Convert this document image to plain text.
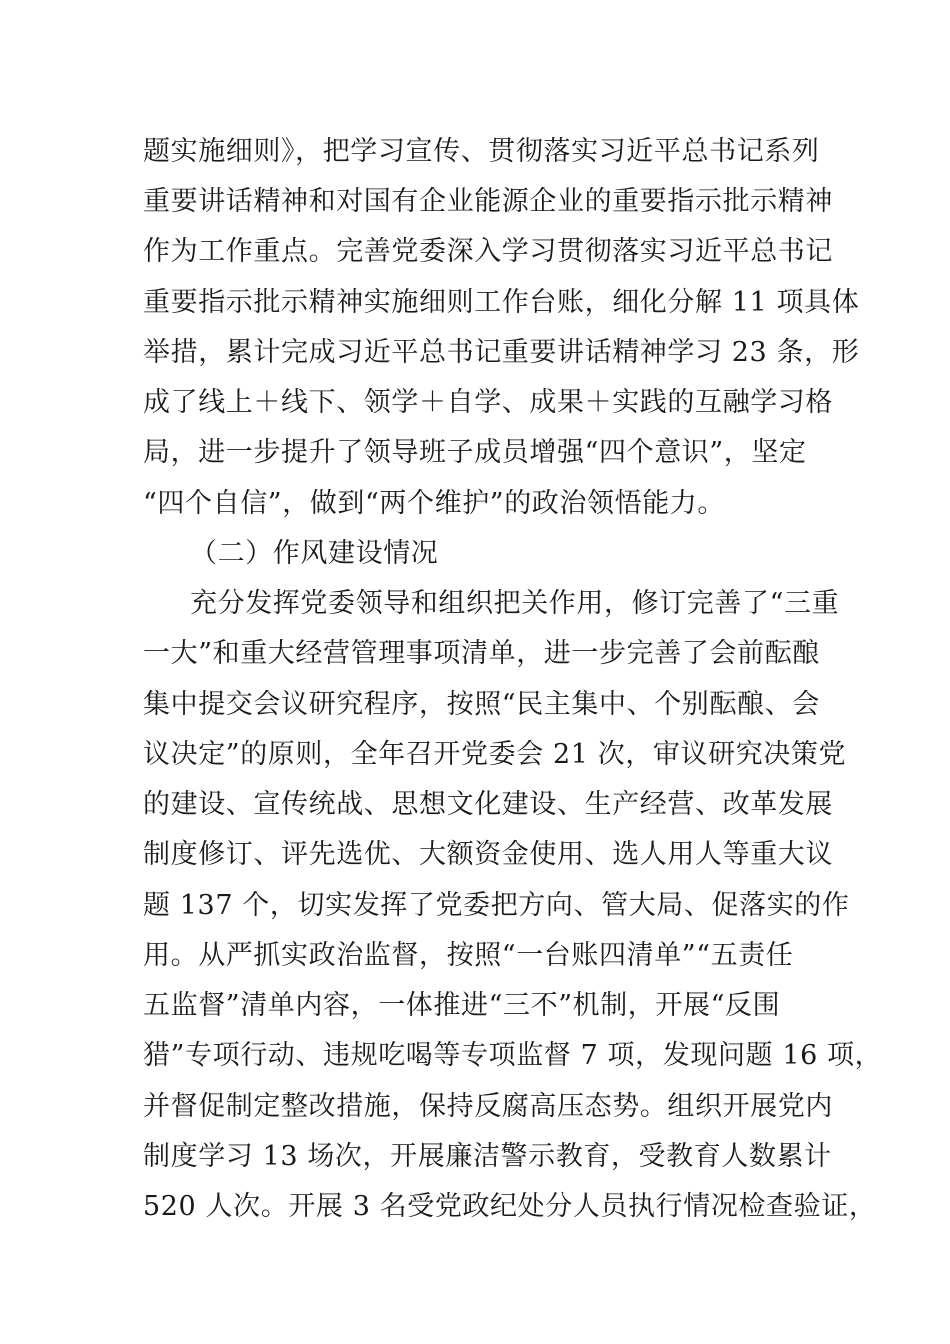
题实施细则》，把学习宣传、贯彻落实习近平总书记系列
重要讲话精神和对国有企业能源企业的重要指示批示精神
作为工作重点。完善党委深入学习贯彻落实习近平总书记
重要指示批示精神实施细则工作台账，细化分解 11 项具体
举措，累计完成习近平总书记重要讲话精神学习 23 条，形
成了线上＋线下、领学＋自学、成果＋实践的互融学习格
局，进一步提升了领导班子成员增强“四个意识”，坚定
“四个自信”，做到“两个维护”的政治领悟能力。
（二）作风建设情况
充分发挥党委领导和组织把关作用，修订完善了“三重
一大”和重大经营管理事项清单，进一步完善了会前酝酿
集中提交会议研究程序，按照“民主集中、个别酝酿、会
议决定”的原则，全年召开党委会 21 次，审议研究决策党
的建设、宣传统战、思想文化建设、生产经营、改革发展
制度修订、评先选优、大额资金使用、选人用人等重大议
题 137 个，切实发挥了党委把方向、管大局、促落实的作
用。从严抓实政治监督，按照“一台账四清单”“五责任
五监督”清单内容，一体推进“三不”机制，开展“反围
猎”专项行动、违规吃喝等专项监督 7 项，发现问题 16 项，
并督促制定整改措施，保持反腐高压态势。组织开展党内
制度学习 13 场次，开展廉洁警示教育，受教育人数累计
520 人次。开展 3 名受党政纪处分人员执行情况检查验证，
